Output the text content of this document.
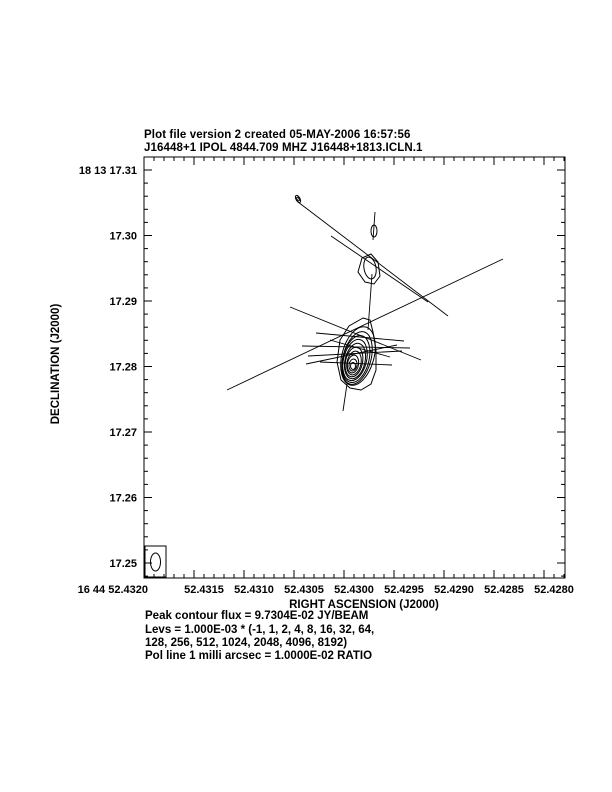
Plot file version 2 created 05-MAY-2006 16:57:56
J16448+1 IPOL 4844.709 MHZ J16448+1813.ICLN.1
16 44 52.4320	52.4315 52.4310 52.4305 52.4300 52.4295 52.4290 52.4285 52.4280
18 13 17.31
17.30
17.29
17.28
17.27
17.26
17.25
RIGHT ASCENSION (J2000)
DECLINATION (J2000)
Peak contour flux = 9.7304E-02 JY/BEAM
Levs = 1.000E-03 * (-1, 1, 2, 4, 8, 16, 32, 64,
128, 256, 512, 1024, 2048, 4096, 8192)
Pol line 1 milli arcsec = 1.0000E-02 RATIO
